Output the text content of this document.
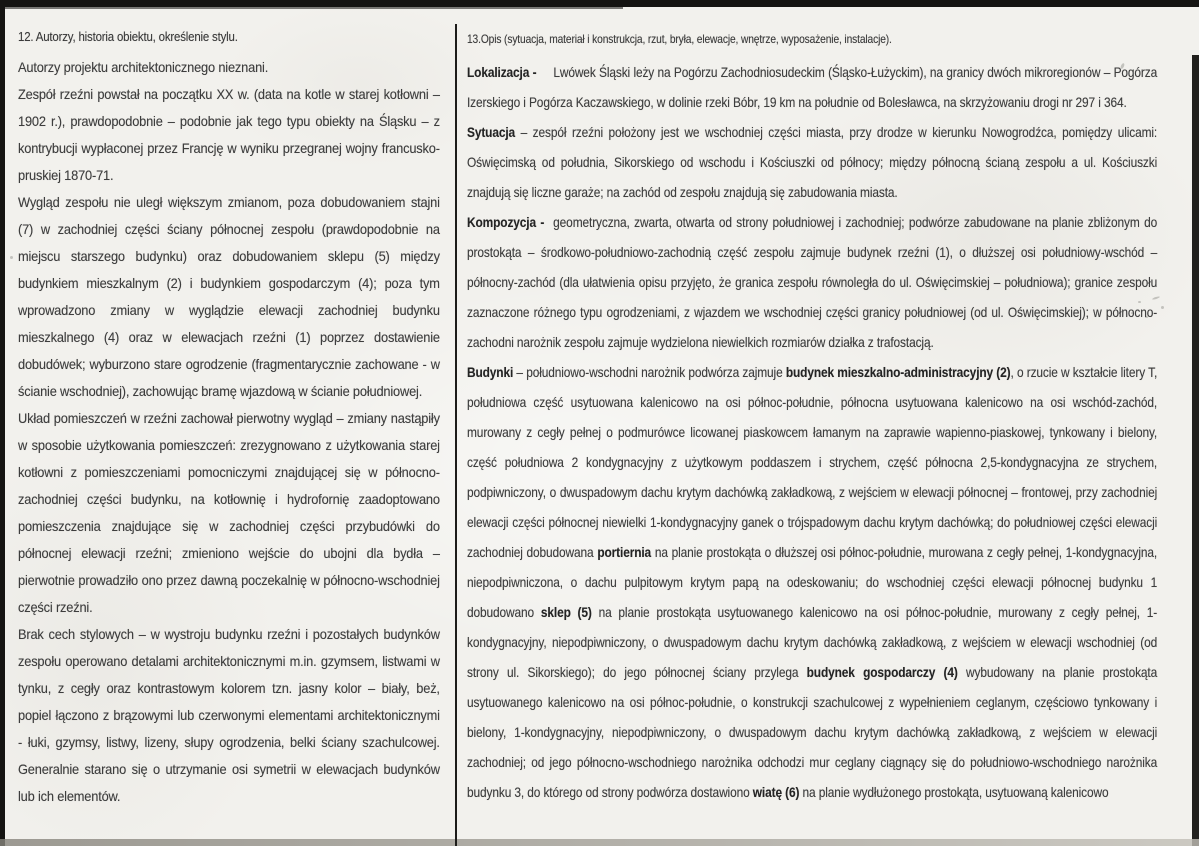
12. Autorzy, historia obiektu, określenie stylu.

Autorzy projektu architektonicznego nieznani.

Zespół rzeźni powstał na początku XX w. (data na kotle w starej kotłowni – 1902 r.), prawdopodobnie – podobnie jak tego typu obiekty na Śląsku – z kontrybucji wypłaconej przez Francję w wyniku przegranej wojny francusko-pruskiej 1870-71.

Wygląd zespołu nie uległ większym zmianom, poza dobudowaniem stajni (7) w zachodniej części ściany północnej zespołu (prawdopodobnie na miejscu starszego budynku) oraz dobudowaniem sklepu (5) między budynkiem mieszkalnym (2) i budynkiem gospodarczym (4); poza tym wprowadzono zmiany w wyglądzie elewacji zachodniej budynku mieszkalnego (4) oraz w elewacjach rzeźni (1) poprzez dostawienie dobudówek; wyburzono stare ogrodzenie (fragmentarycznie zachowane - w ścianie wschodniej), zachowując bramę wjazdową w ścianie południowej.

Układ pomieszczeń w rzeźni zachował pierwotny wygląd – zmiany nastąpiły w sposobie użytkowania pomieszczeń: zrezygnowano z użytkowania starej kotłowni z pomieszczeniami pomocniczymi znajdującej się w północno-zachodniej części budynku, na kotłownię i hydrofornię zaadoptowano pomieszczenia znajdujące się w zachodniej części przybudówki do północnej elewacji rzeźni; zmieniono wejście do ubojni dla bydła – pierwotnie prowadziło ono przez dawną poczekalnię w północno-wschodniej części rzeźni.

Brak cech stylowych – w wystroju budynku rzeźni i pozostałych budynków zespołu operowano detalami architektonicznymi m.in. gzymsem, listwami w tynku, z cegły oraz kontrastowym kolorem tzn. jasny kolor – biały, beż, popiel łączono z brązowymi lub czerwonymi elementami architektonicznymi - łuki, gzymsy, listwy, lizeny, słupy ogrodzenia, belki ściany szachulcowej. Generalnie starano się o utrzymanie osi symetrii w elewacjach budynków lub ich elementów.

13.Opis (sytuacja, materiał i konstrukcja, rzut, bryła, elewacje, wnętrze, wyposażenie, instalacje).

Lokalizacja -     Lwówek Śląski leży na Pogórzu Zachodniosudeckim (Śląsko-Łużyckim), na granicy dwóch mikroregionów – Pogórza Izerskiego i Pogórza Kaczawskiego, w dolinie rzeki Bóbr, 19 km na południe od Bolesławca, na skrzyżowaniu drogi nr 297 i 364.

Sytuacja – zespół rzeźni położony jest we wschodniej części miasta, przy drodze w kierunku Nowogrodźca, pomiędzy ulicami: Oświęcimską od południa, Sikorskiego od wschodu i Kościuszki od północy; między północną ścianą zespołu a ul. Kościuszki znajdują się liczne garaże; na zachód od zespołu znajdują się zabudowania miasta.

Kompozycja -  geometryczna, zwarta, otwarta od strony południowej i zachodniej; podwórze zabudowane na planie zbliżonym do prostokąta – środkowo-południowo-zachodnią część zespołu zajmuje budynek rzeźni (1), o dłuższej osi południowy-wschód – północny-zachód (dla ułatwienia opisu przyjęto, że granica zespołu równoległa do ul. Oświęcimskiej – południowa); granice zespołu zaznaczone różnego typu ogrodzeniami, z wjazdem we wschodniej części granicy południowej (od ul. Oświęcimskiej); w północno-zachodni narożnik zespołu zajmuje wydzielona niewielkich rozmiarów działka z trafostacją.

Budynki – południowo-wschodni narożnik podwórza zajmuje budynek mieszkalno-administracyjny (2), o rzucie w kształcie litery T, południowa część usytuowana kalenicowo na osi północ-południe, północna usytuowana kalenicowo na osi wschód-zachód, murowany z cegły pełnej o podmurówce licowanej piaskowcem łamanym na zaprawie wapienno-piaskowej, tynkowany i bielony, część południowa 2 kondygnacyjny z użytkowym poddaszem i strychem, część północna 2,5-kondygnacyjna ze strychem, podpiwniczony, o dwuspadowym dachu krytym dachówką zakładkową, z wejściem w elewacji północnej – frontowej, przy zachodniej elewacji części północnej niewielki 1-kondygnacyjny ganek o trójspadowym dachu krytym dachówką; do południowej części elewacji zachodniej dobudowana portiernia na planie prostokąta o dłuższej osi północ-południe, murowana z cegły pełnej, 1-kondygnacyjna, niepodpiwniczona, o dachu pulpitowym krytym papą na odeskowaniu; do wschodniej części elewacji północnej budynku 1 dobudowano sklep (5) na planie prostokąta usytuowanego kalenicowo na osi północ-południe, murowany z cegły pełnej, 1-kondygnacyjny, niepodpiwniczony, o dwuspadowym dachu krytym dachówką zakładkową, z wejściem w elewacji wschodniej (od strony ul. Sikorskiego); do jego północnej ściany przylega budynek gospodarczy (4) wybudowany na planie prostokąta usytuowanego kalenicowo na osi północ-południe, o konstrukcji szachulcowej z wypełnieniem ceglanym, częściowo tynkowany i bielony, 1-kondygnacyjny, niepodpiwniczony, o dwuspadowym dachu krytym dachówką zakładkową, z wejściem w elewacji zachodniej; od jego północno-wschodniego narożnika odchodzi mur ceglany ciągnący się do południowo-wschodniego narożnika budynku 3, do którego od strony podwórza dostawiono wiatę (6) na planie wydłużonego prostokąta, usytuowaną kalenicowo
